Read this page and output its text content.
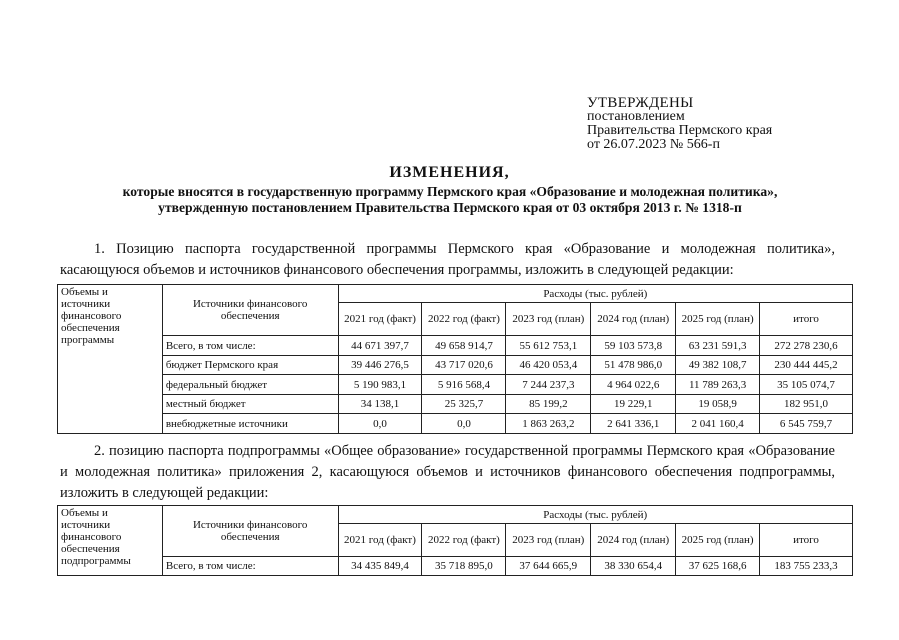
УТВЕРЖДЕНЫ
постановлением
Правительства Пермского края
от 26.07.2023 № 566-п
ИЗМЕНЕНИЯ,
которые вносятся в государственную программу Пермского края «Образование и молодежная политика»,
утвержденную постановлением Правительства Пермского края от 03 октября 2013 г. № 1318-п
1. Позицию паспорта государственной программы Пермского края «Образование и молодежная политика», касающуюся объемов и источников финансового обеспечения программы, изложить в следующей редакции:
Объемы и источники финансового обеспечения программы	Источники финансового обеспечения	Расходы (тыс. рублей)					
		2021 год (факт)	2022 год (факт)	2023 год (план)	2024 год (план)	2025 год (план)	итого
	Всего, в том числе:	44 671 397,7	49 658 914,7	55 612 753,1	59 103 573,8	63 231 591,3	272 278 230,6
	бюджет Пермского края	39 446 276,5	43 717 020,6	46 420 053,4	51 478 986,0	49 382 108,7	230 444 445,2
	федеральный бюджет	5 190 983,1	5 916 568,4	7 244 237,3	4 964 022,6	11 789 263,3	35 105 074,7
	местный бюджет	34 138,1	25 325,7	85 199,2	19 229,1	19 058,9	182 951,0
	внебюджетные источники	0,0	0,0	1 863 263,2	2 641 336,1	2 041 160,4	6 545 759,7
2. позицию паспорта подпрограммы «Общее образование» государственной программы Пермского края «Образование и молодежная политика» приложения 2, касающуюся объемов и источников финансового обеспечения подпрограммы, изложить в следующей редакции:
Объемы и источники финансового обеспечения подпрограммы	Источники финансового обеспечения	Расходы (тыс. рублей)					
		2021 год (факт)	2022 год (факт)	2023 год (план)	2024 год (план)	2025 год (план)	итого
	Всего, в том числе:	34 435 849,4	35 718 895,0	37 644 665,9	38 330 654,4	37 625 168,6	183 755 233,3
